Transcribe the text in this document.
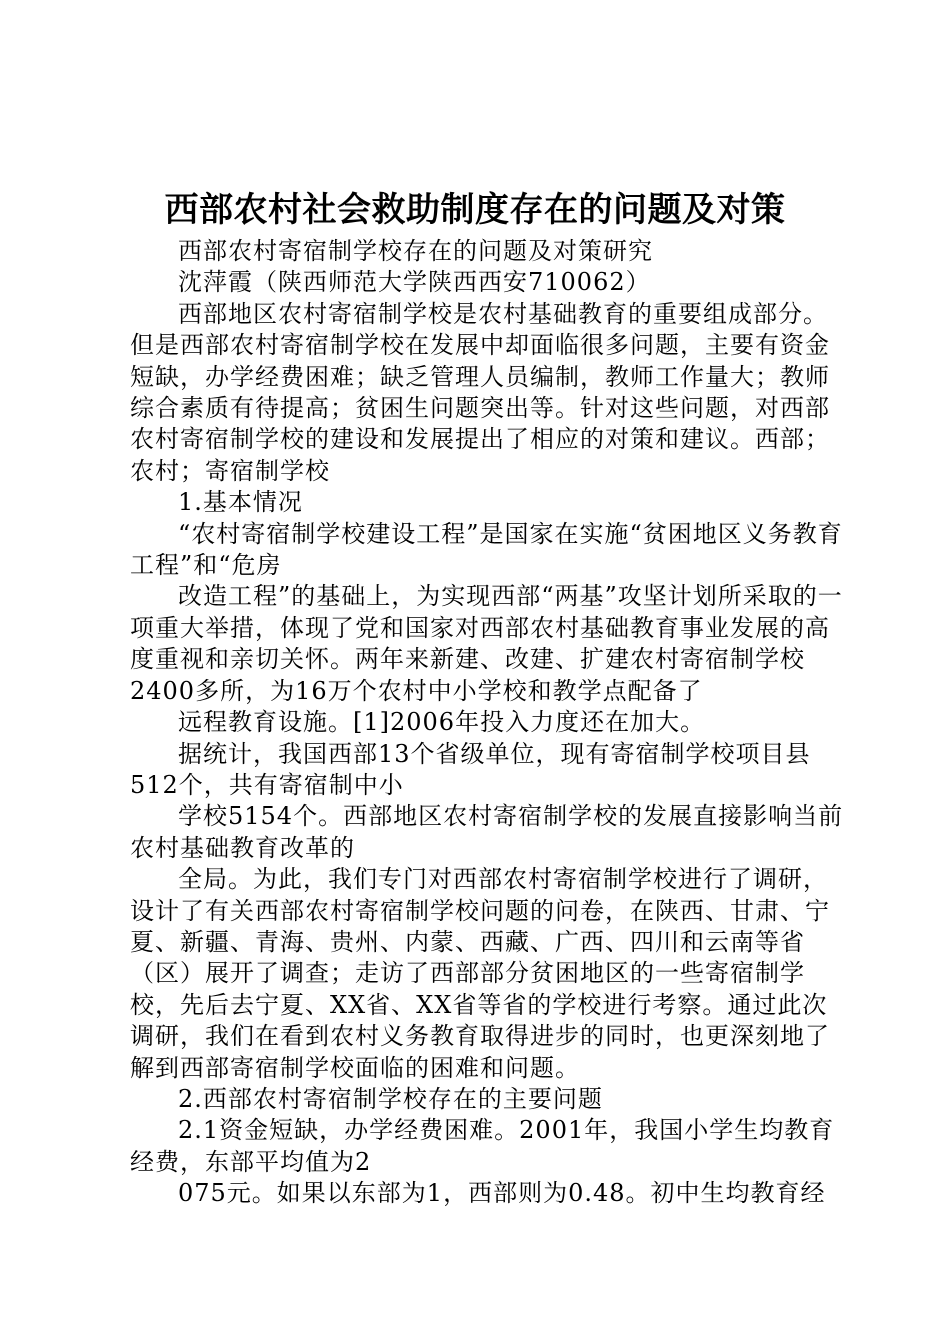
西部农村社会救助制度存在的问题及对策

西部农村寄宿制学校存在的问题及对策研究

沈萍霞（陕西师范大学陕西西安710062）

西部地区农村寄宿制学校是农村基础教育的重要组成部分。但是西部农村寄宿制学校在发展中却面临很多问题，主要有资金短缺，办学经费困难；缺乏管理人员编制，教师工作量大；教师综合素质有待提高；贫困生问题突出等。针对这些问题，对西部农村寄宿制学校的建设和发展提出了相应的对策和建议。西部；农村；寄宿制学校

1.基本情况

“农村寄宿制学校建设工程”是国家在实施“贫困地区义务教育工程”和“危房

改造工程”的基础上，为实现西部“两基”攻坚计划所采取的一项重大举措，体现了党和国家对西部农村基础教育事业发展的高度重视和亲切关怀。两年来新建、改建、扩建农村寄宿制学校2400多所，为16万个农村中小学校和教学点配备了

远程教育设施。[1]2006年投入力度还在加大。

据统计，我国西部13个省级单位，现有寄宿制学校项目县512个，共有寄宿制中小

学校5154个。西部地区农村寄宿制学校的发展直接影响当前农村基础教育改革的

全局。为此，我们专门对西部农村寄宿制学校进行了调研，设计了有关西部农村寄宿制学校问题的问卷，在陕西、甘肃、宁夏、新疆、青海、贵州、内蒙、西藏、广西、四川和云南等省（区）展开了调查；走访了西部部分贫困地区的一些寄宿制学校，先后去宁夏、XX省、XX省等省的学校进行考察。通过此次调研，我们在看到农村义务教育取得进步的同时，也更深刻地了解到西部寄宿制学校面临的困难和问题。

2.西部农村寄宿制学校存在的主要问题

2.1资金短缺，办学经费困难。2001年，我国小学生均教育经费，东部平均值为2

075元。如果以东部为1，西部则为0.48。初中生均教育经
